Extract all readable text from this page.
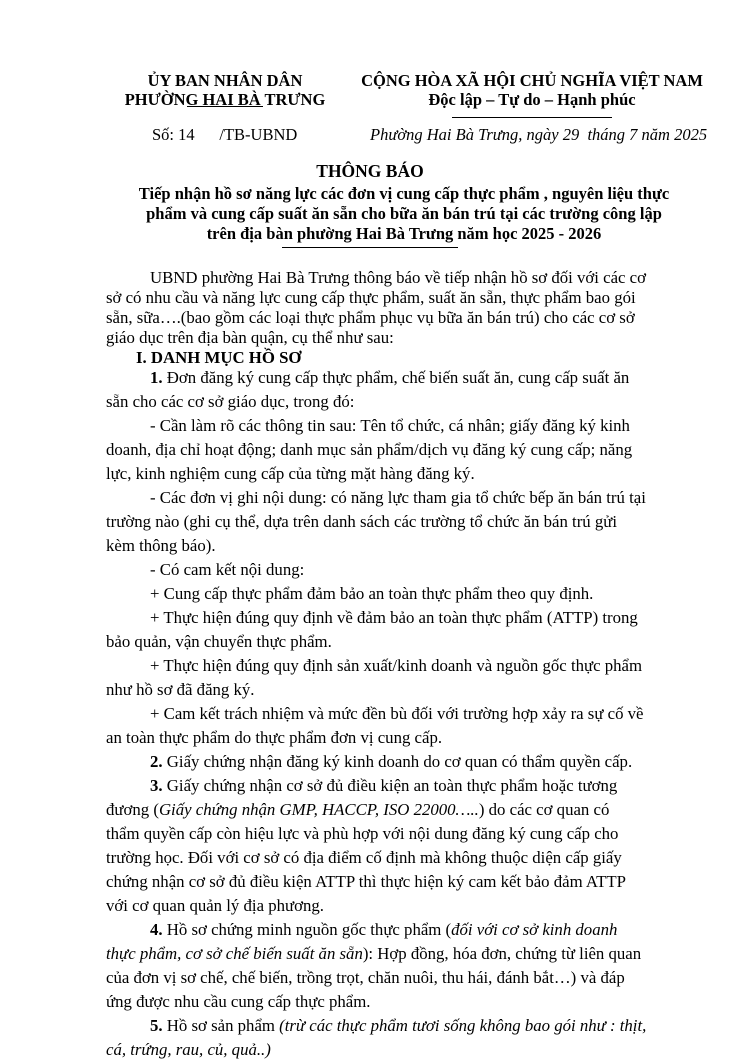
ỦY BAN NHÂN DÂN
PHƯỜNG HAI BÀ TRƯNG
CỘNG HÒA XÃ HỘI CHỦ NGHĨA VIỆT NAM
Độc lập – Tự do – Hạnh phúc
Số: 14      /TB-UBND	Phường Hai Bà Trưng, ngày 29  tháng 7 năm 2025
THÔNG BÁO
Tiếp nhận hồ sơ năng lực các đơn vị cung cấp thực phẩm , nguyên liệu thực
phẩm và cung cấp suất ăn sẵn cho bữa ăn bán trú tại các trường công lập
trên địa bàn phường Hai Bà Trưng năm học 2025 - 2026
UBND phường Hai Bà Trưng thông báo về tiếp nhận hồ sơ đối với các cơ
sở có nhu cầu và năng lực cung cấp thực phẩm, suất ăn sẵn, thực phẩm bao gói
sẵn, sữa….(bao gồm các loại thực phẩm phục vụ bữa ăn bán trú) cho các cơ sở
giáo dục trên địa bàn quận, cụ thể như sau:
I. DANH MỤC HỒ SƠ
1. Đơn đăng ký cung cấp thực phẩm, chế biến suất ăn, cung cấp suất ăn
sẵn cho các cơ sở giáo dục, trong đó:
- Cần làm rõ các thông tin sau: Tên tổ chức, cá nhân; giấy đăng ký kinh
doanh, địa chỉ hoạt động; danh mục sản phẩm/dịch vụ đăng ký cung cấp; năng
lực, kinh nghiệm cung cấp của từng mặt hàng đăng ký.
- Các đơn vị ghi nội dung: có năng lực tham gia tổ chức bếp ăn bán trú tại
trường nào (ghi cụ thể, dựa trên danh sách các trường tổ chức ăn bán trú gửi
kèm thông báo).
- Có cam kết nội dung:
+ Cung cấp thực phẩm đảm bảo an toàn thực phẩm theo quy định.
+ Thực hiện đúng quy định về đảm bảo an toàn thực phẩm (ATTP) trong
bảo quản, vận chuyển thực phẩm.
+ Thực hiện đúng quy định sản xuất/kinh doanh và nguồn gốc thực phẩm
như hồ sơ đã đăng ký.
+ Cam kết trách nhiệm và mức đền bù đối với trường hợp xảy ra sự cố về
an toàn thực phẩm do thực phẩm đơn vị cung cấp.
2. Giấy chứng nhận đăng ký kinh doanh do cơ quan có thẩm quyền cấp.
3. Giấy chứng nhận cơ sở đủ điều kiện an toàn thực phẩm hoặc tương
đương (Giấy chứng nhận GMP, HACCP, ISO 22000…..) do các cơ quan có
thẩm quyền cấp còn hiệu lực và phù hợp với nội dung đăng ký cung cấp cho
trường học. Đối với cơ sở có địa điểm cố định mà không thuộc diện cấp giấy
chứng nhận cơ sở đủ điều kiện ATTP thì thực hiện ký cam kết bảo đảm ATTP
với cơ quan quản lý địa phương.
4. Hồ sơ chứng minh nguồn gốc thực phẩm (đối với cơ sở kinh doanh
thực phẩm, cơ sở chế biến suất ăn sẵn): Hợp đồng, hóa đơn, chứng từ liên quan
của đơn vị sơ chế, chế biến, trồng trọt, chăn nuôi, thu hái, đánh bắt…) và đáp
ứng được nhu cầu cung cấp thực phẩm.
5. Hồ sơ sản phẩm (trừ các thực phẩm tươi sống không bao gói như : thịt,
cá, trứng, rau, củ, quả..)
